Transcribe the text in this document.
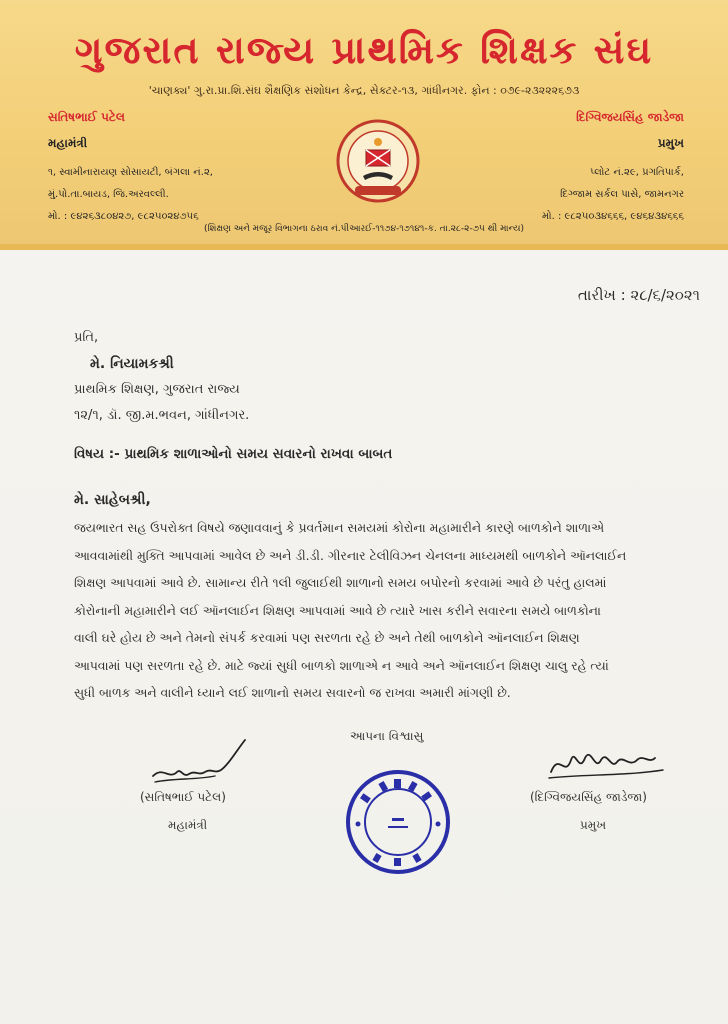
ગુજરાત રાજ્ય પ્રાથમિક શિક્ષક સંઘ
'ચાણક્ય' ગુ.રા.પ્રા.શિ.સંઘ શૈક્ષણિક સંશોધન કેન્દ્ર, સેક્ટર-૧૩, ગાંધીનગર. ફોન : ૦૭૯-૨૩૨૨૨૬૭૩
સતિષભાઈ પટેલ
મહામંત્રી
૧, સ્વામીનારાયણ સોસાયટી, બંગલા નં.૨,
મું.પો.તા.બાયડ, જિ.અરવલ્લી.
મો. : ૯૪૨૬૩૮૦૪૨૭, ૯૮૨૫૦૨૪૭૫૬
દિગ્વિજયસિંહ જાડેજા
પ્રમુખ
પ્લોટ નં.૨૯, પ્રગતિપાર્ક,
દિગ્જામ સર્કલ પાસે, જામનગર
મો. : ૯૮૨૫૦૩૪૬૬૬, ૯૪૬૪૩૪૬૬૬
(શિક્ષણ અને મજૂર વિભાગના ઠરાવ નં.પીઆરઈ-૧૧૭૪-૧૭૧૪૧-ક. તા.૨૮-૨-૭૫ થી માન્ય)
તારીખ : ૨૮/૬/૨૦૨૧
પ્રતિ,
મે. નિયામકશ્રી
પ્રાથમિક શિક્ષણ, ગુજરાત રાજ્ય
૧૨/૧, ડૉ. જી.મ.ભવન, ગાંધીનગર.
વિષય :- પ્રાથમિક શાળાઓનો સમય સવારનો રાખવા બાબત
મે. સાહેબશ્રી,
જયભારત સહ ઉપરોક્ત વિષયે જણાવવાનું કે પ્રવર્તમાન સમયમાં કોરોના મહામારીને કારણે બાળકોને શાળાએ
આવવામાંથી મુક્તિ આપવામાં આવેલ છે અને ડી.ડી. ગીરનાર ટેલીવિઝન ચેનલના માધ્યમથી બાળકોને ઑનલાઈન
શિક્ષણ આપવામાં આવે છે. સામાન્ય રીતે ૧લી જુલાઈથી શાળાનો સમય બપોરનો કરવામાં આવે છે પરંતુ હાલમાં
કોરોનાની મહામારીને લઈ ઑનલાઈન શિક્ષણ આપવામાં આવે છે ત્યારે ખાસ કરીને સવારના સમયે બાળકોના
વાલી ઘરે હોય છે અને તેમનો સંપર્ક કરવામાં પણ સરળતા રહે છે અને તેથી બાળકોને ઑનલાઈન શિક્ષણ
આપવામાં પણ સરળતા રહે છે. માટે જ્યાં સુધી બાળકો શાળાએ ન આવે અને ઑનલાઈન શિક્ષણ ચાલુ રહે ત્યાં
સુધી બાળક અને વાલીને ધ્યાને લઈ શાળાનો સમય સવારનો જ રાખવા અમારી માંગણી છે.
આપના વિશ્વાસુ
(સતિષભાઈ પટેલ)
મહામંત્રી
(દિગ્વિજયસિંહ જાડેજા)
પ્રમુખ
